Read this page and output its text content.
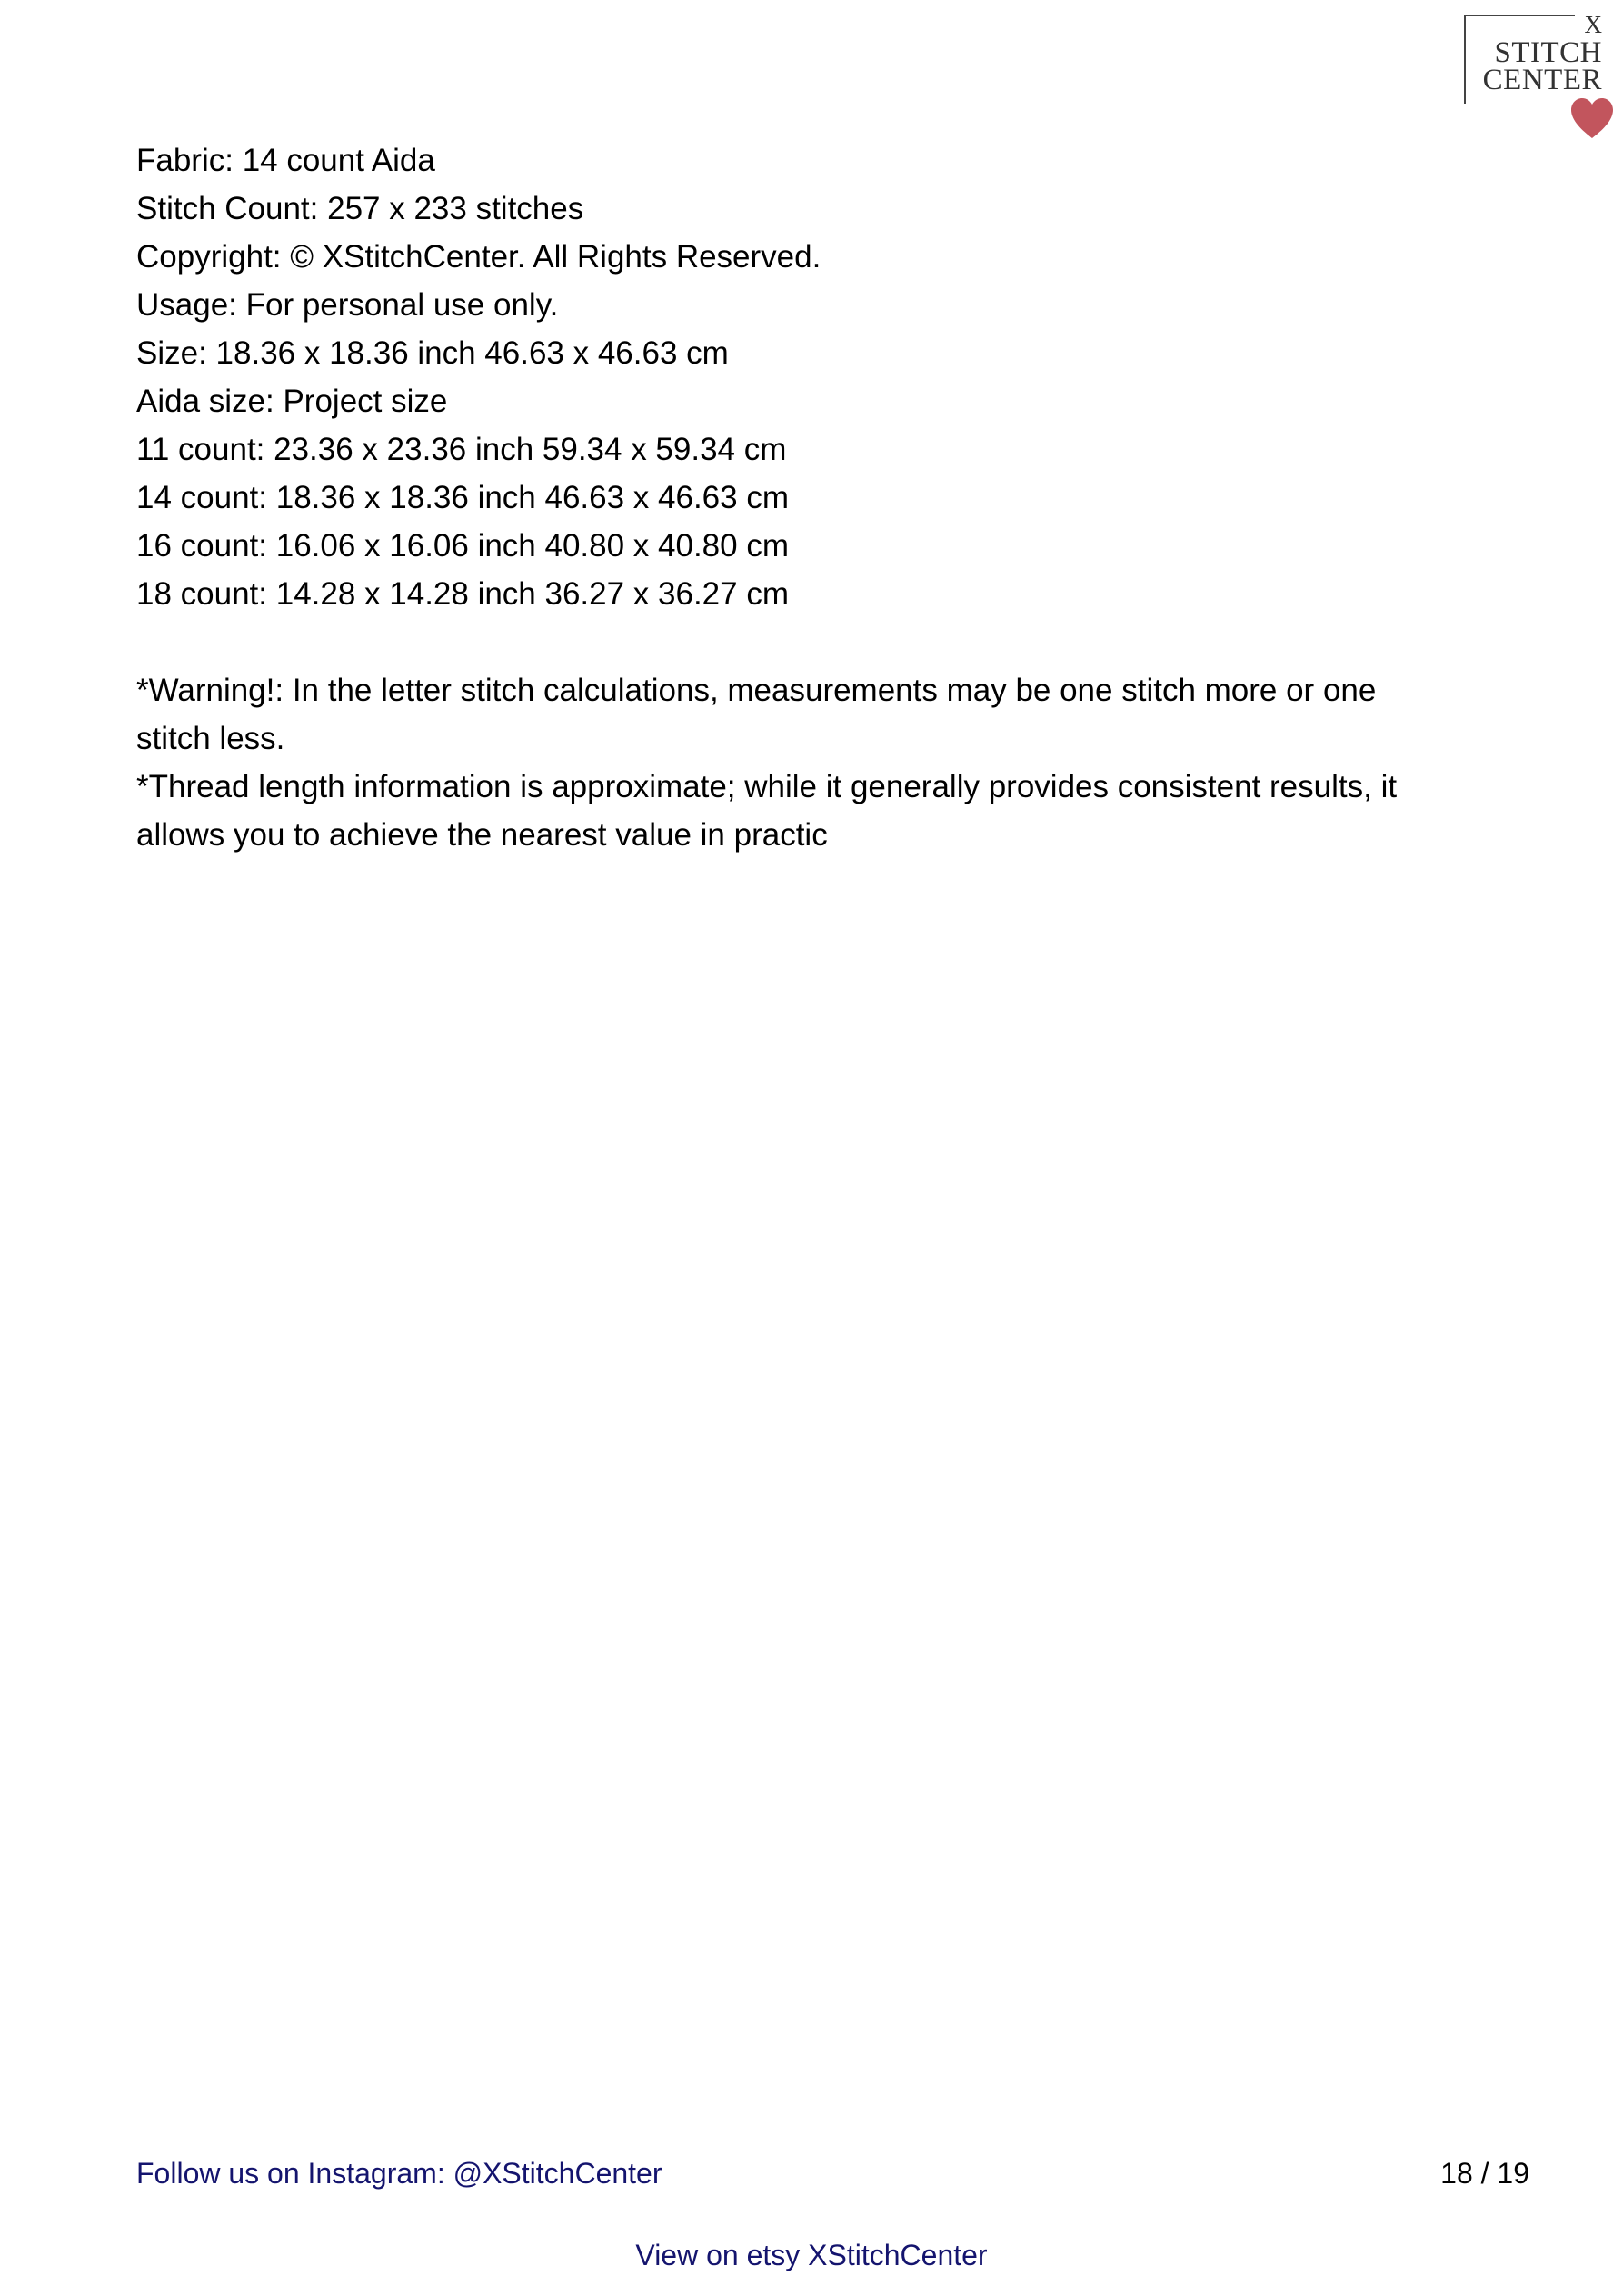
X
STITCH
CENTER

Fabric: 14 count Aida

Stitch Count: 257 x 233 stitches

Copyright: © XStitchCenter. All Rights Reserved.

Usage: For personal use only.

Size: 18.36 x 18.36 inch 46.63 x 46.63 cm

Aida size: Project size

11 count: 23.36 x 23.36 inch 59.34 x 59.34 cm

14 count: 18.36 x 18.36 inch 46.63 x 46.63 cm

16 count: 16.06 x 16.06 inch 40.80 x 40.80 cm

18 count: 14.28 x 14.28 inch 36.27 x 36.27 cm

*Warning!: In the letter stitch calculations, measurements may be one stitch more or one stitch less.

*Thread length information is approximate; while it generally provides consistent results, it allows you to achieve the nearest value in practic

Follow us on Instagram: @XStitchCenter	18 / 19
View on etsy XStitchCenter
